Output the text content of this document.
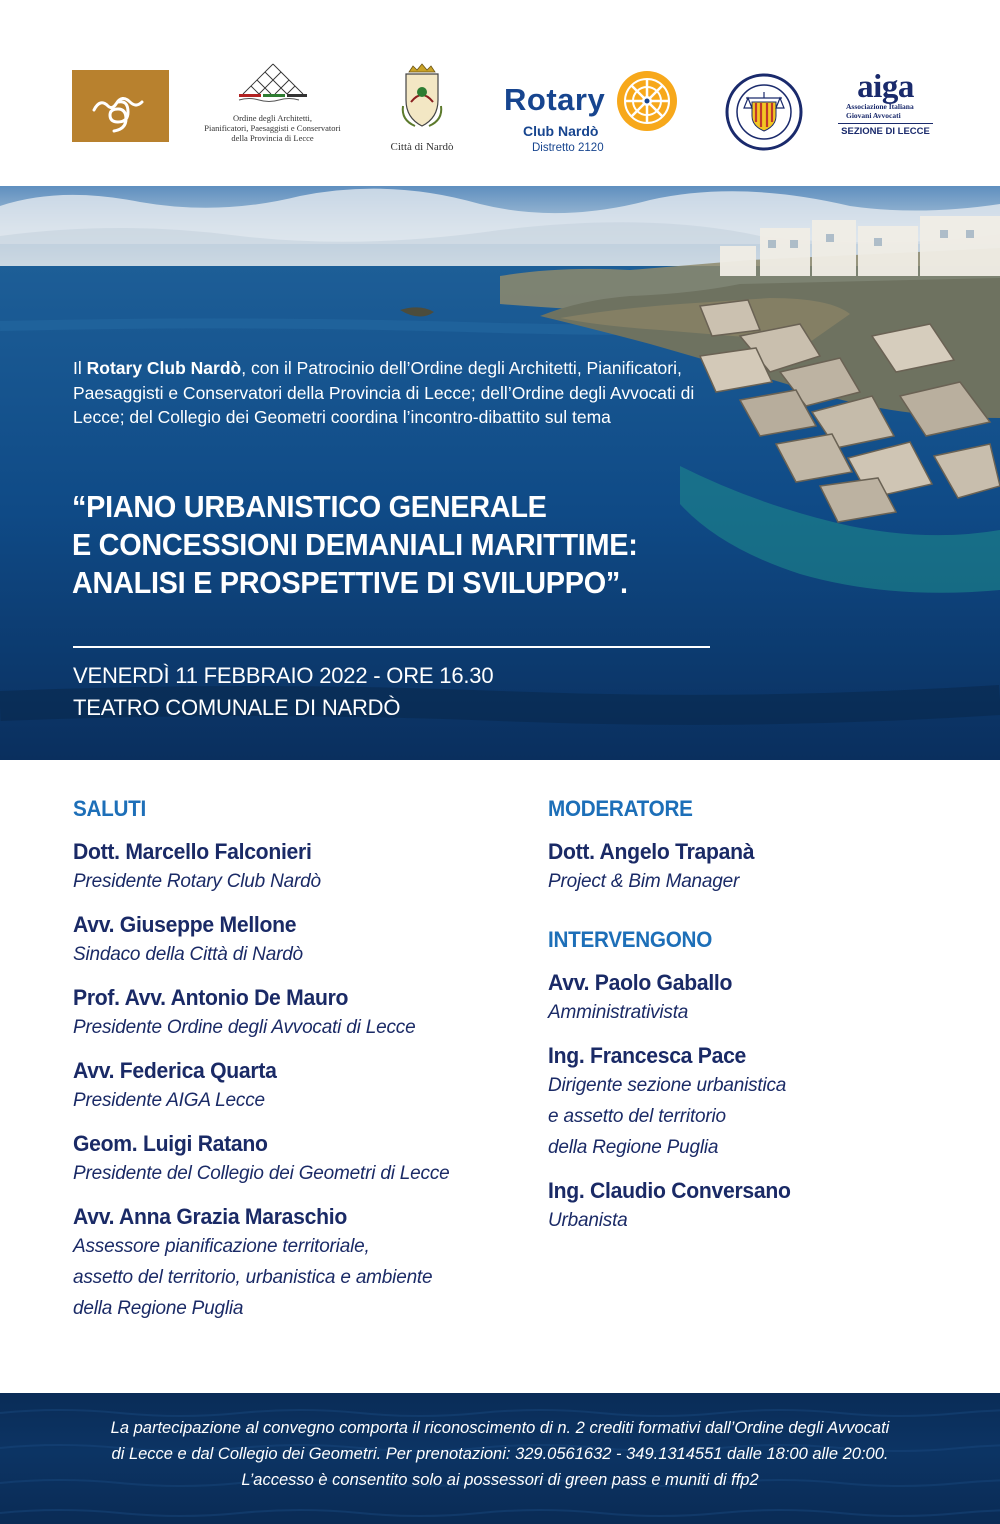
Ordine degli Architetti,
Pianificatori, Paesaggisti e Conservatori
della Provincia di Lecce
Città di Nardò
Rotary
Club Nardò
Distretto 2120
aiga
Associazione Italiana
Giovani Avvocati
SEZIONE DI LECCE
Il Rotary Club Nardò, con il Patrocinio dell’Ordine degli Architetti, Pianificatori, Paesaggisti e Conservatori della Provincia di Lecce; dell’Ordine degli Avvocati di Lecce; del Collegio dei Geometri coordina l’incontro-dibattito sul tema
“PIANO URBANISTICO GENERALE
E CONCESSIONI DEMANIALI MARITTIME:
ANALISI E PROSPETTIVE DI SVILUPPO”.
VENERDÌ 11 FEBBRAIO 2022 - ORE 16.30
TEATRO COMUNALE DI NARDÒ
SALUTI
Dott. Marcello Falconieri
Presidente Rotary Club Nardò
Avv. Giuseppe Mellone
Sindaco della Città di Nardò
Prof. Avv. Antonio De Mauro
Presidente Ordine degli Avvocati di Lecce
Avv. Federica Quarta
Presidente AIGA Lecce
Geom. Luigi Ratano
Presidente del Collegio dei Geometri di Lecce
Avv. Anna Grazia Maraschio
Assessore pianificazione territoriale,
assetto del territorio, urbanistica e ambiente
della Regione Puglia
MODERATORE
Dott. Angelo Trapanà
Project & Bim Manager
INTERVENGONO
Avv. Paolo Gaballo
Amministrativista
Ing. Francesca Pace
Dirigente sezione urbanistica
e assetto del territorio
della Regione Puglia
Ing. Claudio Conversano
Urbanista
La partecipazione al convegno comporta il riconoscimento di n. 2 crediti formativi dall’Ordine degli Avvocati
di Lecce e dal Collegio dei Geometri. Per prenotazioni: 329.0561632 - 349.1314551 dalle 18:00 alle 20:00.
L’accesso è consentito solo ai possessori di green pass e muniti di ffp2
